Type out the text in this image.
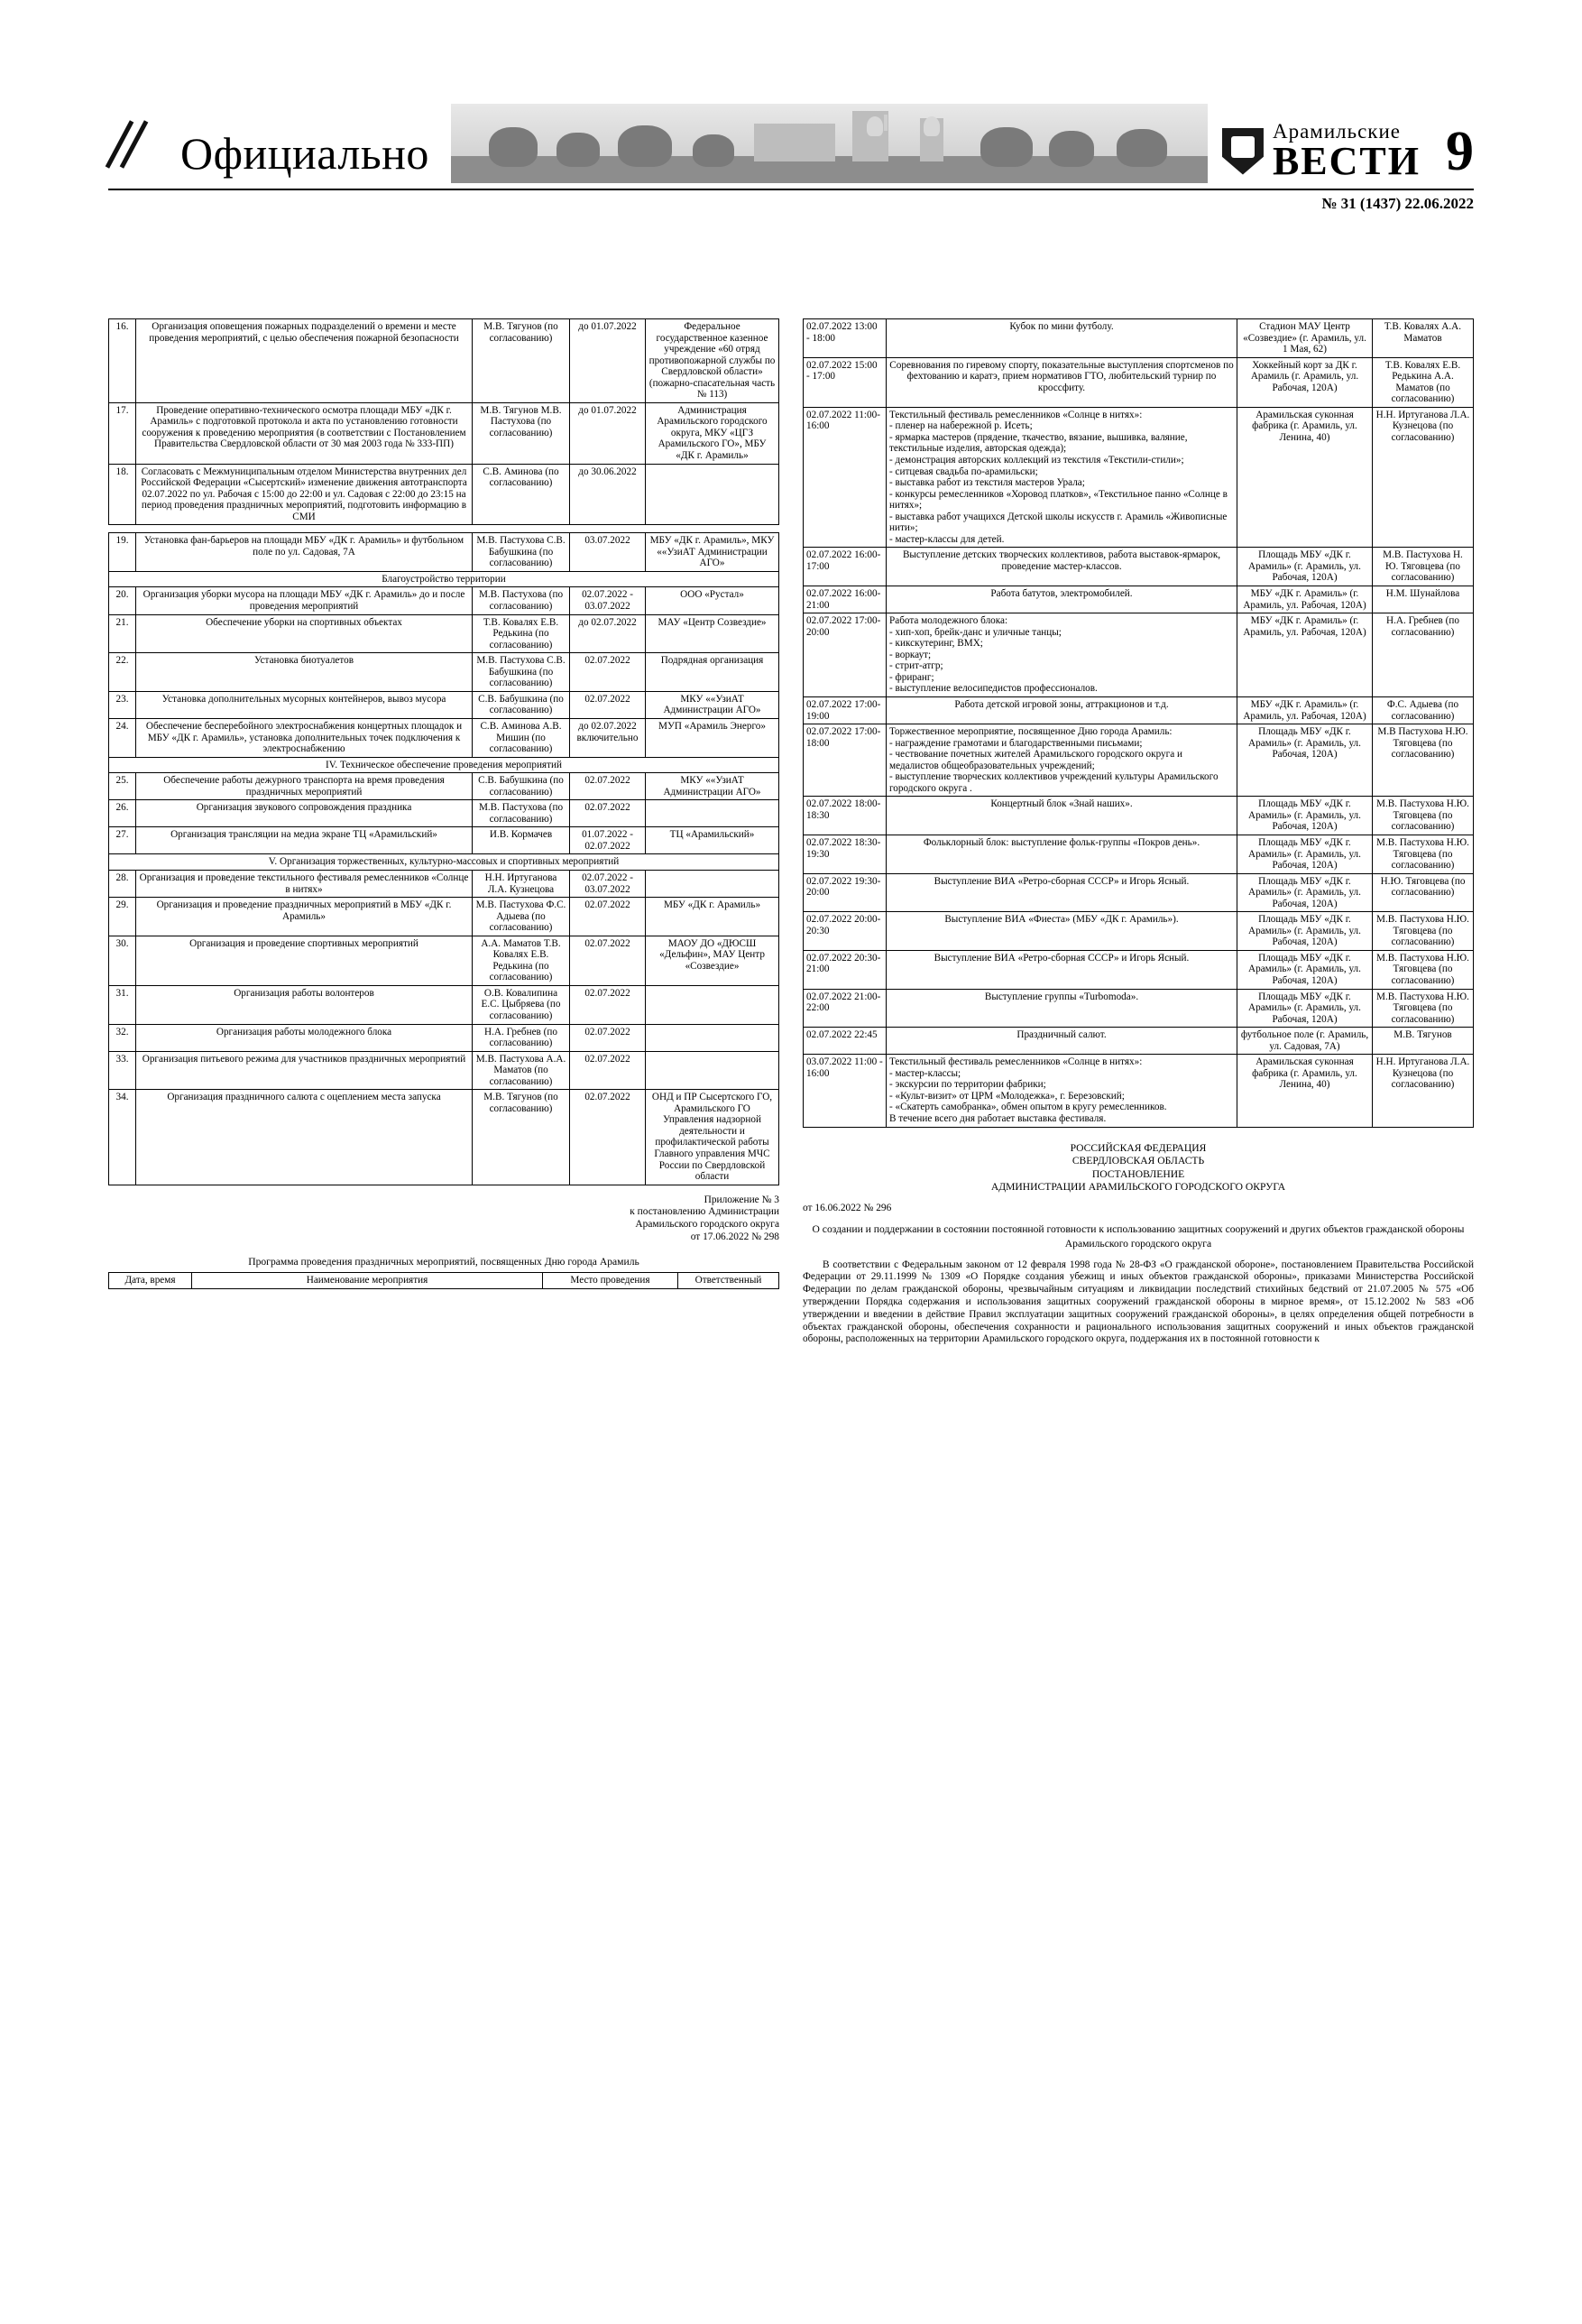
Официально	Арамильские
ВЕСТИ 9
№ 31 (1437) 22.06.2022
16.	Организация оповещения пожарных подразделений о времени и месте проведения мероприятий, с целью обеспечения пожарной безопасности	М.В. Тягунов (по согласованию)	до 01.07.2022	Федеральное государственное казенное учреждение «60 отряд противопожарной службы по Свердловской области» (пожарно-спасательная часть № 113)
17.	Проведение оперативно-технического осмотра площади МБУ «ДК г. Арамиль» с подготовкой протокола и акта по установлению готовности сооружения к проведению мероприятия (в соответствии с Постановлением Правительства Свердловской области от 30 мая 2003 года № 333-ПП)	М.В. Тягунов М.В. Пастухова (по согласованию)	до 01.07.2022	Администрация Арамильского городского округа, МКУ «ЦГЗ Арамильского ГО», МБУ «ДК г. Арамиль»
18.	Согласовать с Межмуниципальным отделом Министерства внутренних дел Российской Федерации «Сысертский» изменение движения автотранспорта 02.07.2022 по ул. Рабочая с 15:00 до 22:00 и ул. Садовая с 22:00 до 23:15 на период проведения праздничных мероприятий, подготовить информацию в СМИ	С.В. Аминова (по согласованию)	до 30.06.2022	
19.	Установка фан-барьеров на площади МБУ «ДК г. Арамиль» и футбольном поле по ул. Садовая, 7А	М.В. Пастухова С.В. Бабушкина (по согласованию)	03.07.2022	МБУ «ДК г. Арамиль», МКУ ««УзиАТ Администрации АГО»
Благоустройство территории				
20.	Организация уборки мусора на площади МБУ «ДК г. Арамиль» до и после проведения мероприятий	М.В. Пастухова (по согласованию)	02.07.2022 - 03.07.2022	ООО «Рустал»
21.	Обеспечение уборки на спортивных объектах	Т.В. Ковалях Е.В. Редькина (по согласованию)	до 02.07.2022	МАУ «Центр Созвездие»
22.	Установка биотуалетов	М.В. Пастухова С.В. Бабушкина (по согласованию)	02.07.2022	Подрядная организация
23.	Установка дополнительных мусорных контейнеров, вывоз мусора	С.В. Бабушкина (по согласованию)	02.07.2022	МКУ ««УзиАТ Администрации АГО»
24.	Обеспечение бесперебойного электроснабжения концертных площадок и МБУ «ДК г. Арамиль», установка дополнительных точек подключения к электроснабжению	С.В. Аминова А.В. Мишин (по согласованию)	до 02.07.2022 включительно	МУП «Арамиль Энерго»
IV. Техническое обеспечение проведения мероприятий				
25.	Обеспечение работы дежурного транспорта на время проведения праздничных мероприятий	С.В. Бабушкина (по согласованию)	02.07.2022	МКУ ««УзиАТ Администрации АГО»
26.	Организация звукового сопровождения праздника	М.В. Пастухова (по согласованию)	02.07.2022	
27.	Организация трансляции на медиа экране ТЦ «Арамильский»	И.В. Кормачев	01.07.2022 - 02.07.2022	ТЦ «Арамильский»
V. Организация торжественных, культурно-массовых и спортивных мероприятий				
28.	Организация и проведение текстильного фестиваля ремесленников «Солнце в нитях»	Н.Н. Иртуганова Л.А. Кузнецова	02.07.2022 - 03.07.2022	
29.	Организация и проведение праздничных мероприятий в МБУ «ДК г. Арамиль»	М.В. Пастухова Ф.С. Адыева (по согласованию)	02.07.2022	МБУ «ДК г. Арамиль»
30.	Организация и проведение спортивных мероприятий	А.А. Маматов Т.В. Ковалях Е.В. Редькина (по согласованию)	02.07.2022	МАОУ ДО «ДЮСШ «Дельфин», МАУ Центр «Созвездие»
31.	Организация работы волонтеров	О.В. Ковалипина Е.С. Цыбряева (по согласованию)	02.07.2022	
32.	Организация работы молодежного блока	Н.А. Гребнев (по согласованию)	02.07.2022	
33.	Организация питьевого режима для участников праздничных мероприятий	М.В. Пастухова А.А. Маматов (по согласованию)	02.07.2022	
34.	Организация праздничного салюта с оцеплением места запуска	М.В. Тягунов (по согласованию)	02.07.2022	ОНД и ПР Сысертского ГО, Арамильского ГО Управления надзорной деятельности и профилактической работы Главного управления МЧС России по Свердловской области
Приложение № 3
к постановлению Администрации
Арамильского городского округа
от 17.06.2022 № 298
Программа проведения праздничных мероприятий, посвященных Дню города Арамиль
Дата, время	Наименование мероприятия	Место проведения	Ответственный
02.07.2022 13:00 - 18:00	Кубок по мини футболу.	Стадион МАУ Центр «Созвездие» (г. Арамиль, ул. 1 Мая, 62)	Т.В. Ковалях А.А. Маматов
02.07.2022 15:00 - 17:00	Соревнования по гиревому спорту, показательные выступления спортсменов по фехтованию и каратэ, прием нормативов ГТО, любительский турнир по кроссфиту.	Хоккейный корт за ДК г. Арамиль (г. Арамиль, ул. Рабочая, 120А)	Т.В. Ковалях Е.В. Редькина А.А. Маматов (по согласованию)
02.07.2022 11:00-16:00	Текстильный фестиваль ремесленников «Солнце в нитях»:
- пленер на набережной р. Исеть;
- ярмарка мастеров (прядение, ткачество, вязание, вышивка, валяние, текстильные изделия, авторская одежда);
- демонстрация авторских коллекций из текстиля «Текстили-стили»;
- ситцевая свадьба по-арамильски;
- выставка работ из текстиля мастеров Урала;
- конкурсы ремесленников «Хоровод платков», «Текстильное панно «Солнце в нитях»;
- выставка работ учащихся Детской школы искусств г. Арамиль «Живописные нити»;
- мастер-классы для детей.	Арамильская суконная фабрика (г. Арамиль, ул. Ленина, 40)	Н.Н. Иртуганова Л.А. Кузнецова (по согласованию)
02.07.2022 16:00-17:00	Выступление детских творческих коллективов, работа выставок-ярмарок, проведение мастер-классов.	Площадь МБУ «ДК г. Арамиль» (г. Арамиль, ул. Рабочая, 120А)	М.В. Пастухова Н. Ю. Тяговцева (по согласованию)
02.07.2022 16:00-21:00	Работа батутов, электромобилей.	МБУ «ДК г. Арамиль» (г. Арамиль, ул. Рабочая, 120А)	Н.М. Шунайлова
02.07.2022 17:00-20:00	Работа молодежного блока:
- хип-хоп, брейк-данс и уличные танцы;
- кикскутеринг, ВМХ;
- воркаут;
- стрит-атгр;
- фриранг;
- выступление велосипедистов профессионалов.	МБУ «ДК г. Арамиль» (г. Арамиль, ул. Рабочая, 120А)	Н.А. Гребнев (по согласованию)
02.07.2022 17:00-19:00	Работа детской игровой зоны, аттракционов и т.д.	МБУ «ДК г. Арамиль» (г. Арамиль, ул. Рабочая, 120А)	Ф.С. Адыева (по согласованию)
02.07.2022 17:00-18:00	Торжественное мероприятие, посвященное Дню города Арамиль:
- награждение грамотами и благодарственными письмами;
- чествование почетных жителей Арамильского городского округа и медалистов общеобразовательных учреждений;
- выступление творческих коллективов учреждений культуры Арамильского городского округа .	Площадь МБУ «ДК г. Арамиль» (г. Арамиль, ул. Рабочая, 120А)	М.В Пастухова Н.Ю. Тяговцева (по согласованию)
02.07.2022 18:00-18:30	Концертный блок «Знай наших».	Площадь МБУ «ДК г. Арамиль» (г. Арамиль, ул. Рабочая, 120А)	М.В. Пастухова Н.Ю. Тяговцева (по согласованию)
02.07.2022 18:30-19:30	Фольклорный блок: выступление фольк-группы «Покров день».	Площадь МБУ «ДК г. Арамиль» (г. Арамиль, ул. Рабочая, 120А)	М.В. Пастухова Н.Ю. Тяговцева (по согласованию)
02.07.2022 19:30-20:00	Выступление ВИА «Ретро-сборная СССР» и Игорь Ясный.	Площадь МБУ «ДК г. Арамиль» (г. Арамиль, ул. Рабочая, 120А)	Н.Ю. Тяговцева (по согласованию)
02.07.2022 20:00-20:30	Выступление ВИА «Фиеста» (МБУ «ДК г. Арамиль»).	Площадь МБУ «ДК г. Арамиль» (г. Арамиль, ул. Рабочая, 120А)	М.В. Пастухова Н.Ю. Тяговцева (по согласованию)
02.07.2022 20:30-21:00	Выступление ВИА «Ретро-сборная СССР» и Игорь Ясный.	Площадь МБУ «ДК г. Арамиль» (г. Арамиль, ул. Рабочая, 120А)	М.В. Пастухова Н.Ю. Тяговцева (по согласованию)
02.07.2022 21:00-22:00	Выступление группы «Turbomoda».	Площадь МБУ «ДК г. Арамиль» (г. Арамиль, ул. Рабочая, 120А)	М.В. Пастухова Н.Ю. Тяговцева (по согласованию)
02.07.2022 22:45	Праздничный салют.	футбольное поле (г. Арамиль, ул. Садовая, 7А)	М.В. Тягунов
03.07.2022 11:00 - 16:00	Текстильный фестиваль ремесленников «Солнце в нитях»:
- мастер-классы;
- экскурсии по территории фабрики;
- «Культ-визит» от ЦРМ «Молодежка», г. Березовский;
- «Скатерть самобранка», обмен опытом в кругу ремесленников.
В течение всего дня работает выставка фестиваля.	Арамильская суконная фабрика (г. Арамиль, ул. Ленина, 40)	Н.Н. Иртуганова Л.А. Кузнецова (по согласованию)
РОССИЙСКАЯ ФЕДЕРАЦИЯ
СВЕРДЛОВСКАЯ ОБЛАСТЬ
ПОСТАНОВЛЕНИЕ
АДМИНИСТРАЦИИ АРАМИЛЬСКОГО ГОРОДСКОГО ОКРУГА
от 16.06.2022 № 296
О создании и поддержании в состоянии постоянной готовности к использованию защитных сооружений и других объектов гражданской обороны Арамильского городского округа
В соответствии с Федеральным законом от 12 февраля 1998 года № 28-ФЗ «О гражданской обороне», постановлением Правительства Российской Федерации от 29.11.1999 № 1309 «О Порядке создания убежищ и иных объектов гражданской обороны», приказами Министерства Российской Федерации по делам гражданской обороны, чрезвычайным ситуациям и ликвидации последствий стихийных бедствий от 21.07.2005 № 575 «Об утверждении Порядка содержания и использования защитных сооружений гражданской обороны в мирное время», от 15.12.2002 № 583 «Об утверждении и введении в действие Правил эксплуатации защитных сооружений гражданской обороны», в целях определения общей потребности в объектах гражданской обороны, обеспечения сохранности и рационального использования защитных сооружений и иных объектов гражданской обороны, расположенных на территории Арамильского городского округа, поддержания их в постоянной готовности к
